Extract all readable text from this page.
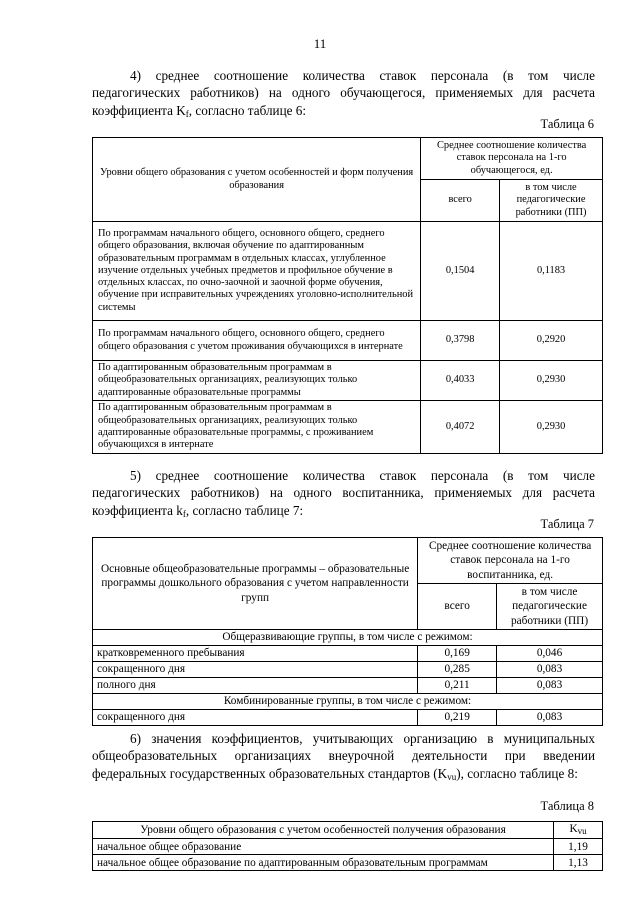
11
4) среднее соотношение количества ставок персонала (в том числе педагогических работников) на одного обучающегося, применяемых для расчета коэффициента $K_f$, согласно таблице 6:
Таблица 6
Уровни общего образования с учетом особенностей и форм получения образования	Среднее соотношение количества ставок персонала на 1-го обучающегося, ед.	
	всего	в том числе педагогические работники (ПП)
По программам начального общего, основного общего, среднего общего образования, включая обучение по адаптированным образовательным программам в отдельных классах, углубленное изучение отдельных учебных предметов и профильное обучение в отдельных классах, по очно-заочной и заочной форме обучения, обучение при исправительных учреждениях уголовно-исполнительной системы	0,1504	0,1183
По программам начального общего, основного общего, среднего общего образования с учетом проживания обучающихся в интернате	0,3798	0,2920
По адаптированным образовательным программам в общеобразовательных организациях, реализующих только адаптированные образовательные программы	0,4033	0,2930
По адаптированным образовательным программам в общеобразовательных организациях, реализующих только адаптированные образовательные программы, с проживанием обучающихся в интернате	0,4072	0,2930
5) среднее соотношение количества ставок персонала (в том числе педагогических работников) на одного воспитанника, применяемых для расчета коэффициента $k_f$, согласно таблице 7:
Таблица 7
Основные общеобразовательные программы – образовательные программы дошкольного образования с учетом направленности групп	Среднее соотношение количества ставок персонала на 1-го воспитанника, ед.	
	всего	в том числе педагогические работники (ПП)
Общеразвивающие группы, в том числе с режимом:		
кратковременного пребывания	0,169	0,046
сокращенного дня	0,285	0,083
полного дня	0,211	0,083
Комбинированные группы, в том числе с режимом:		
сокращенного дня	0,219	0,083
6) значения коэффициентов, учитывающих организацию в муниципальных общеобразовательных организациях внеурочной деятельности при введении федеральных государственных образовательных стандартов $(K_{vu})$, согласно таблице 8:
Таблица 8
Уровни общего образования с учетом особенностей получения образования	$K_{vu}$
начальное общее образование	1,19
начальное общее образование по адаптированным образовательным программам	1,13
